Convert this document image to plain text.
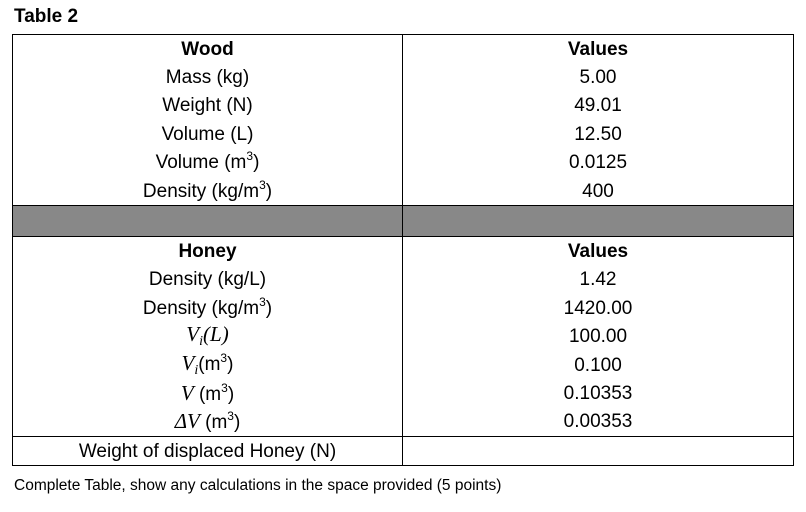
Table 2
Wood	Values
Mass (kg)	5.00
Weight (N)	49.01
Volume (L)	12.50
Volume $(m^3)$	0.0125
Density $(kg/m^3)$	400

Honey	Values
Density (kg/L)	1.42
Density $(kg/m^3)$	1420.00
$V_i(L)$	100.00
$V_i(m^3)$	0.100
V $(m^3)$	0.10353
ΔV $(m^3)$	0.00353
Weight of displaced Honey (N)	
Complete Table, show any calculations in the space provided (5 points)
